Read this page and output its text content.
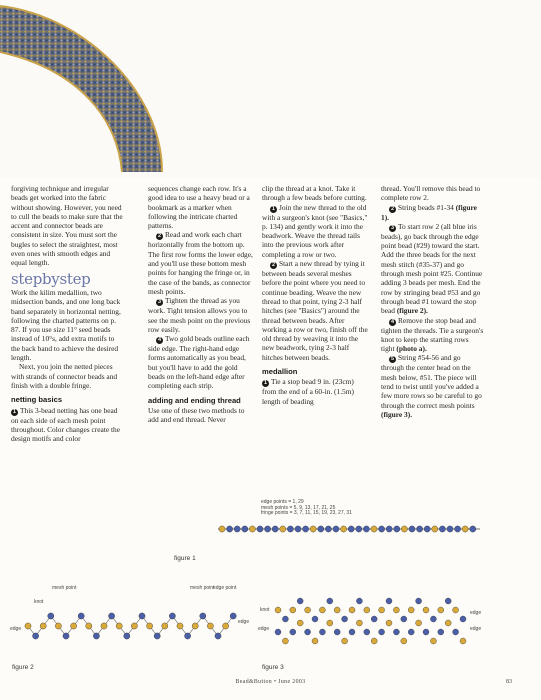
forgiving technique and irregular beads get worked into the fabric without showing. However, you need to cull the beads to make sure that the accent and connector beads are consistent in size. You must sort the bugles to select the straightest, most even ones with smooth edges and equal length.

stepbystep

Work the kilim medallion, two midsection bands, and one long back band separately in horizontal netting, following the charted patterns on p. 87. If you use size 11° seed beads instead of 10°s, add extra motifs to the back band to achieve the desired length.

Next, you join the netted pieces with strands of connector beads and finish with a double fringe.

netting basics

1 This 3-bead netting has one bead on each side of each mesh point throughout. Color changes create the design motifs and color

sequences change each row. It's a good idea to use a heavy bead or a bookmark as a marker when following the intricate charted patterns.

2 Read and work each chart horizontally from the bottom up. The first row forms the lower edge, and you'll use these bottom mesh points for hanging the fringe or, in the case of the bands, as connector mesh points.

3 Tighten the thread as you work. Tight tension allows you to see the mesh point on the previous row easily.

4 Two gold beads outline each side edge. The right-hand edge forms automatically as you bead, but you'll have to add the gold beads on the left-hand edge after completing each strip.

adding and ending thread

Use one of these two methods to add and end thread. Never

clip the thread at a knot. Take it through a few beads before cutting.

1 Join the new thread to the old with a surgeon's knot (see "Basics," p. 134) and gently work it into the beadwork. Weave the thread tails into the previous work after completing a row or two.

2 Start a new thread by tying it between beads several meshes before the point where you need to continue beading. Weave the new thread to that point, tying 2-3 half hitches (see "Basics") around the thread between beads. After working a row or two, finish off the old thread by weaving it into the new beadwork, tying 2-3 half hitches between beads.

medallion

1 Tie a stop bead 9 in. (23cm) from the end of a 60-in. (1.5m) length of beading

thread. You'll remove this bead to complete row 2.

2 String beads #1-34 (figure 1).

3 To start row 2 (all blue iris beads), go back through the edge point bead (#29) toward the start. Add the three beads for the next mesh stitch (#35-37) and go through mesh point #25. Continue adding 3 beads per mesh. End the row by stringing bead #53 and go through bead #1 toward the stop bead (figure 2).

4 Remove the stop bead and tighten the threads. Tie a surgeon's knot to keep the starting rows tight (photo a).

5 String #54-56 and go through the center bead on the mesh below, #51. The piece will tend to twist until you've added a few more rows so be careful to go through the correct mesh points (figure 3).

edge points = 1, 29
mesh points = 5, 9, 13, 17, 21, 25
fringe points = 3, 7, 11, 15, 19, 23, 27, 31
figure 1
mesh point
knot
mesh point
edge point
edge
edge
figure 2
knot
edge
edge
edge
figure 3
Bead&Button • June 2003	83
